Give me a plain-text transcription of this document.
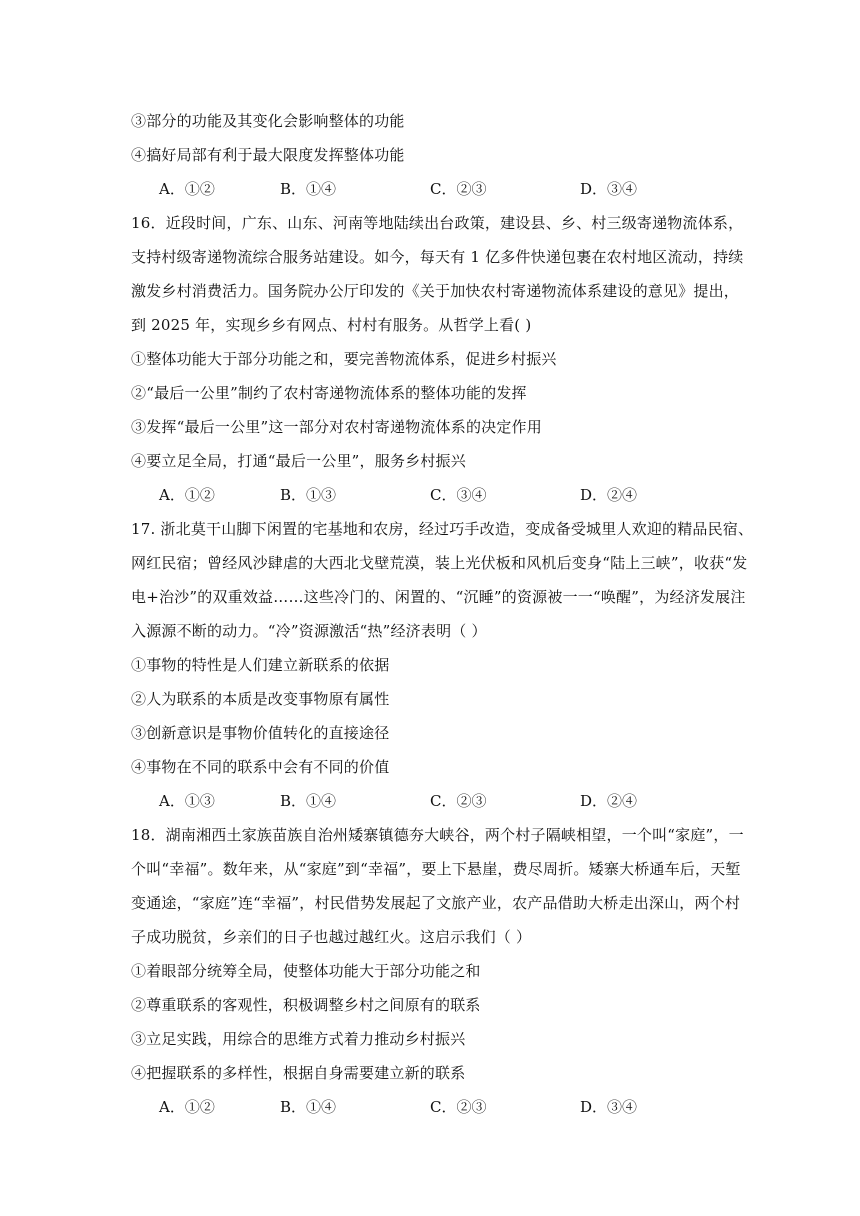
③部分的功能及其变化会影响整体的功能
④搞好局部有利于最大限度发挥整体功能
A．①②	B．①④	C．②③	D．③④
16．近段时间，广东、山东、河南等地陆续出台政策，建设县、乡、村三级寄递物流体系，
支持村级寄递物流综合服务站建设。如今，每天有 1 亿多件快递包裹在农村地区流动，持续
激发乡村消费活力。国务院办公厅印发的《关于加快农村寄递物流体系建设的意见》提出，
到 2025 年，实现乡乡有网点、村村有服务。从哲学上看( )
①整体功能大于部分功能之和，要完善物流体系，促进乡村振兴
②“最后一公里”制约了农村寄递物流体系的整体功能的发挥
③发挥“最后一公里”这一部分对农村寄递物流体系的决定作用
④要立足全局，打通“最后一公里”，服务乡村振兴
A．①②	B．①③	C．③④	D．②④
17. 浙北莫干山脚下闲置的宅基地和农房，经过巧手改造，变成备受城里人欢迎的精品民宿、
网红民宿；曾经风沙肆虐的大西北戈壁荒漠，装上光伏板和风机后变身“陆上三峡”，收获“发
电+治沙”的双重效益……这些冷门的、闲置的、“沉睡”的资源被一一“唤醒”，为经济发展注
入源源不断的动力。“冷”资源激活“热”经济表明（ ）
①事物的特性是人们建立新联系的依据
②人为联系的本质是改变事物原有属性
③创新意识是事物价值转化的直接途径
④事物在不同的联系中会有不同的价值
A．①③	B．①④	C．②③	D．②④
18．湖南湘西土家族苗族自治州矮寨镇德夯大峡谷，两个村子隔峡相望，一个叫“家庭”，一
个叫“幸福”。数年来，从“家庭”到“幸福”，要上下悬崖，费尽周折。矮寨大桥通车后，天堑
变通途，“家庭”连“幸福”，村民借势发展起了文旅产业，农产品借助大桥走出深山，两个村
子成功脱贫，乡亲们的日子也越过越红火。这启示我们（ ）
①着眼部分统筹全局，使整体功能大于部分功能之和
②尊重联系的客观性，积极调整乡村之间原有的联系
③立足实践，用综合的思维方式着力推动乡村振兴
④把握联系的多样性，根据自身需要建立新的联系
A．①②	B．①④	C．②③	D．③④
